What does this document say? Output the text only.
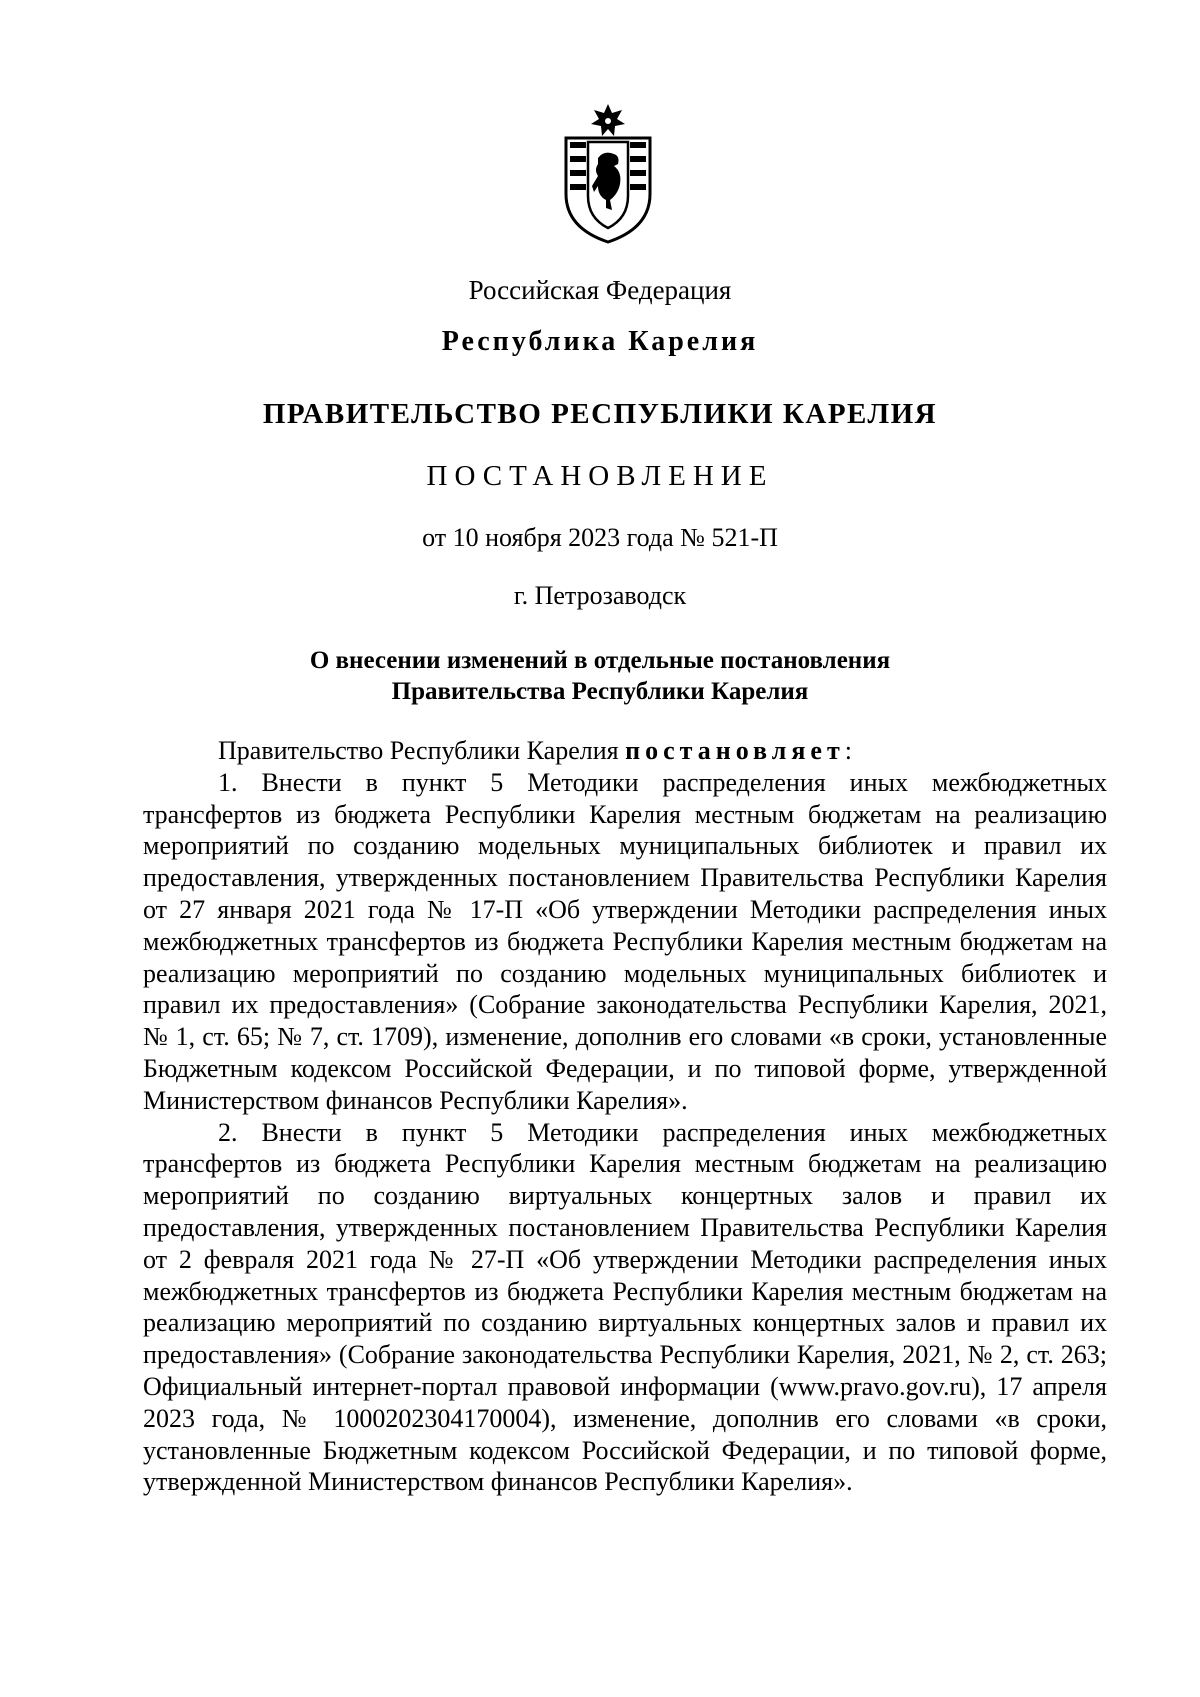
Российская Федерация
Республика Карелия
ПРАВИТЕЛЬСТВО РЕСПУБЛИКИ КАРЕЛИЯ
ПОСТАНОВЛЕНИЕ
от 10 ноября 2023 года № 521-П
г. Петрозаводск
О внесении изменений в отдельные постановления
Правительства Республики Карелия

Правительство Республики Карелия постановляет:

1. Внести в пункт 5 Методики распределения иных межбюджетных трансфертов из бюджета Республики Карелия местным бюджетам на реализацию мероприятий по созданию модельных муниципальных библиотек и правил их предоставления, утвержденных постановлением Правительства Республики Карелия от 27 января 2021 года № 17-П «Об утверждении Методики распределения иных межбюджетных трансфертов из бюджета Республики Карелия местным бюджетам на реализацию мероприятий по созданию модельных муниципальных библиотек и правил их предоставления» (Собрание законодательства Республики Карелия, 2021, № 1, ст. 65; № 7, ст. 1709), изменение, дополнив его словами «в сроки, установленные Бюджетным кодексом Российской Федерации, и по типовой форме, утвержденной Министерством финансов Республики Карелия».

2. Внести в пункт 5 Методики распределения иных межбюджетных трансфертов из бюджета Республики Карелия местным бюджетам на реализацию мероприятий по созданию виртуальных концертных залов и правил их предоставления, утвержденных постановлением Правительства Республики Карелия от 2 февраля 2021 года № 27-П «Об утверждении Методики распределения иных межбюджетных трансфертов из бюджета Республики Карелия местным бюджетам на реализацию мероприятий по созданию виртуальных концертных залов и правил их предоставления» (Собрание законодательства Республики Карелия, 2021, № 2, ст. 263; Официальный интернет-портал правовой информации (www.pravo.gov.ru), 17 апреля 2023 года, № 1000202304170004), изменение, дополнив его словами «в сроки, установленные Бюджетным кодексом Российской Федерации, и по типовой форме, утвержденной Министерством финансов Республики Карелия».
